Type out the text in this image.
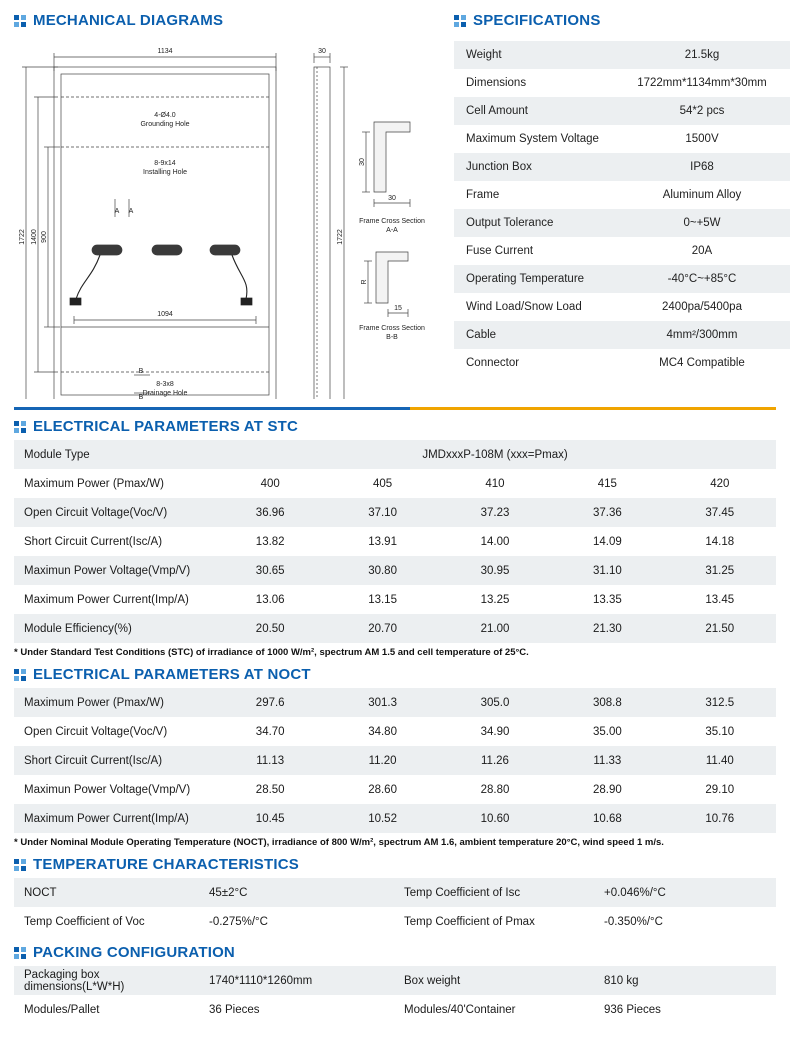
MECHANICAL DIAGRAMS
1134	30
1094
4-Ø4.0
Grounding Hole
8-9x14
Installing Hole
8-3x8
Drainage Hole
A A
B
B
Frame Cross Section
A-A
Frame Cross Section
B-B
30
15
1722 1400 900	1722
30
R
SPECIFICATIONS
Weight	21.5kg
Dimensions	1722mm*1134mm*30mm
Cell Amount	54*2 pcs
Maximum System Voltage	1500V
Junction Box	IP68
Frame	Aluminum Alloy
Output Tolerance	0~+5W
Fuse Current	20A
Operating Temperature	-40°C~+85°C
Wind Load/Snow Load	2400pa/5400pa
Cable	4mm²/300mm
Connector	MC4 Compatible
ELECTRICAL PARAMETERS AT STC
Module Type	JMDxxxP-108M (xxx=Pmax)				
Maximum Power (Pmax/W)	400	405	410	415	420
Open Circuit Voltage(Voc/V)	36.96	37.10	37.23	37.36	37.45
Short Circuit Current(Isc/A)	13.82	13.91	14.00	14.09	14.18
Maximun Power Voltage(Vmp/V)	30.65	30.80	30.95	31.10	31.25
Maximum Power Current(Imp/A)	13.06	13.15	13.25	13.35	13.45
Module Efficiency(%)	20.50	20.70	21.00	21.30	21.50

* Under Standard Test Conditions (STC) of irradiance of 1000 W/m², spectrum AM 1.5 and cell temperature of 25°C.

ELECTRICAL PARAMETERS AT NOCT
Maximum Power (Pmax/W)	297.6	301.3	305.0	308.8	312.5
Open Circuit Voltage(Voc/V)	34.70	34.80	34.90	35.00	35.10
Short Circuit Current(Isc/A)	11.13	11.20	11.26	11.33	11.40
Maximun Power Voltage(Vmp/V)	28.50	28.60	28.80	28.90	29.10
Maximum Power Current(Imp/A)	10.45	10.52	10.60	10.68	10.76

* Under Nominal Module Operating Temperature (NOCT), irradiance of 800 W/m², spectrum AM 1.6, ambient temperature 20°C, wind speed 1 m/s.

TEMPERATURE CHARACTERISTICS
NOCT	45±2°C	Temp Coefficient of Isc	+0.046%/°C
Temp Coefficient of Voc	-0.275%/°C	Temp Coefficient of Pmax	-0.350%/°C
PACKING CONFIGURATION
Packaging box dimensions(L*W*H)	1740*1110*1260mm	Box weight	810 kg
Modules/Pallet	36 Pieces	Modules/40'Container	936 Pieces
